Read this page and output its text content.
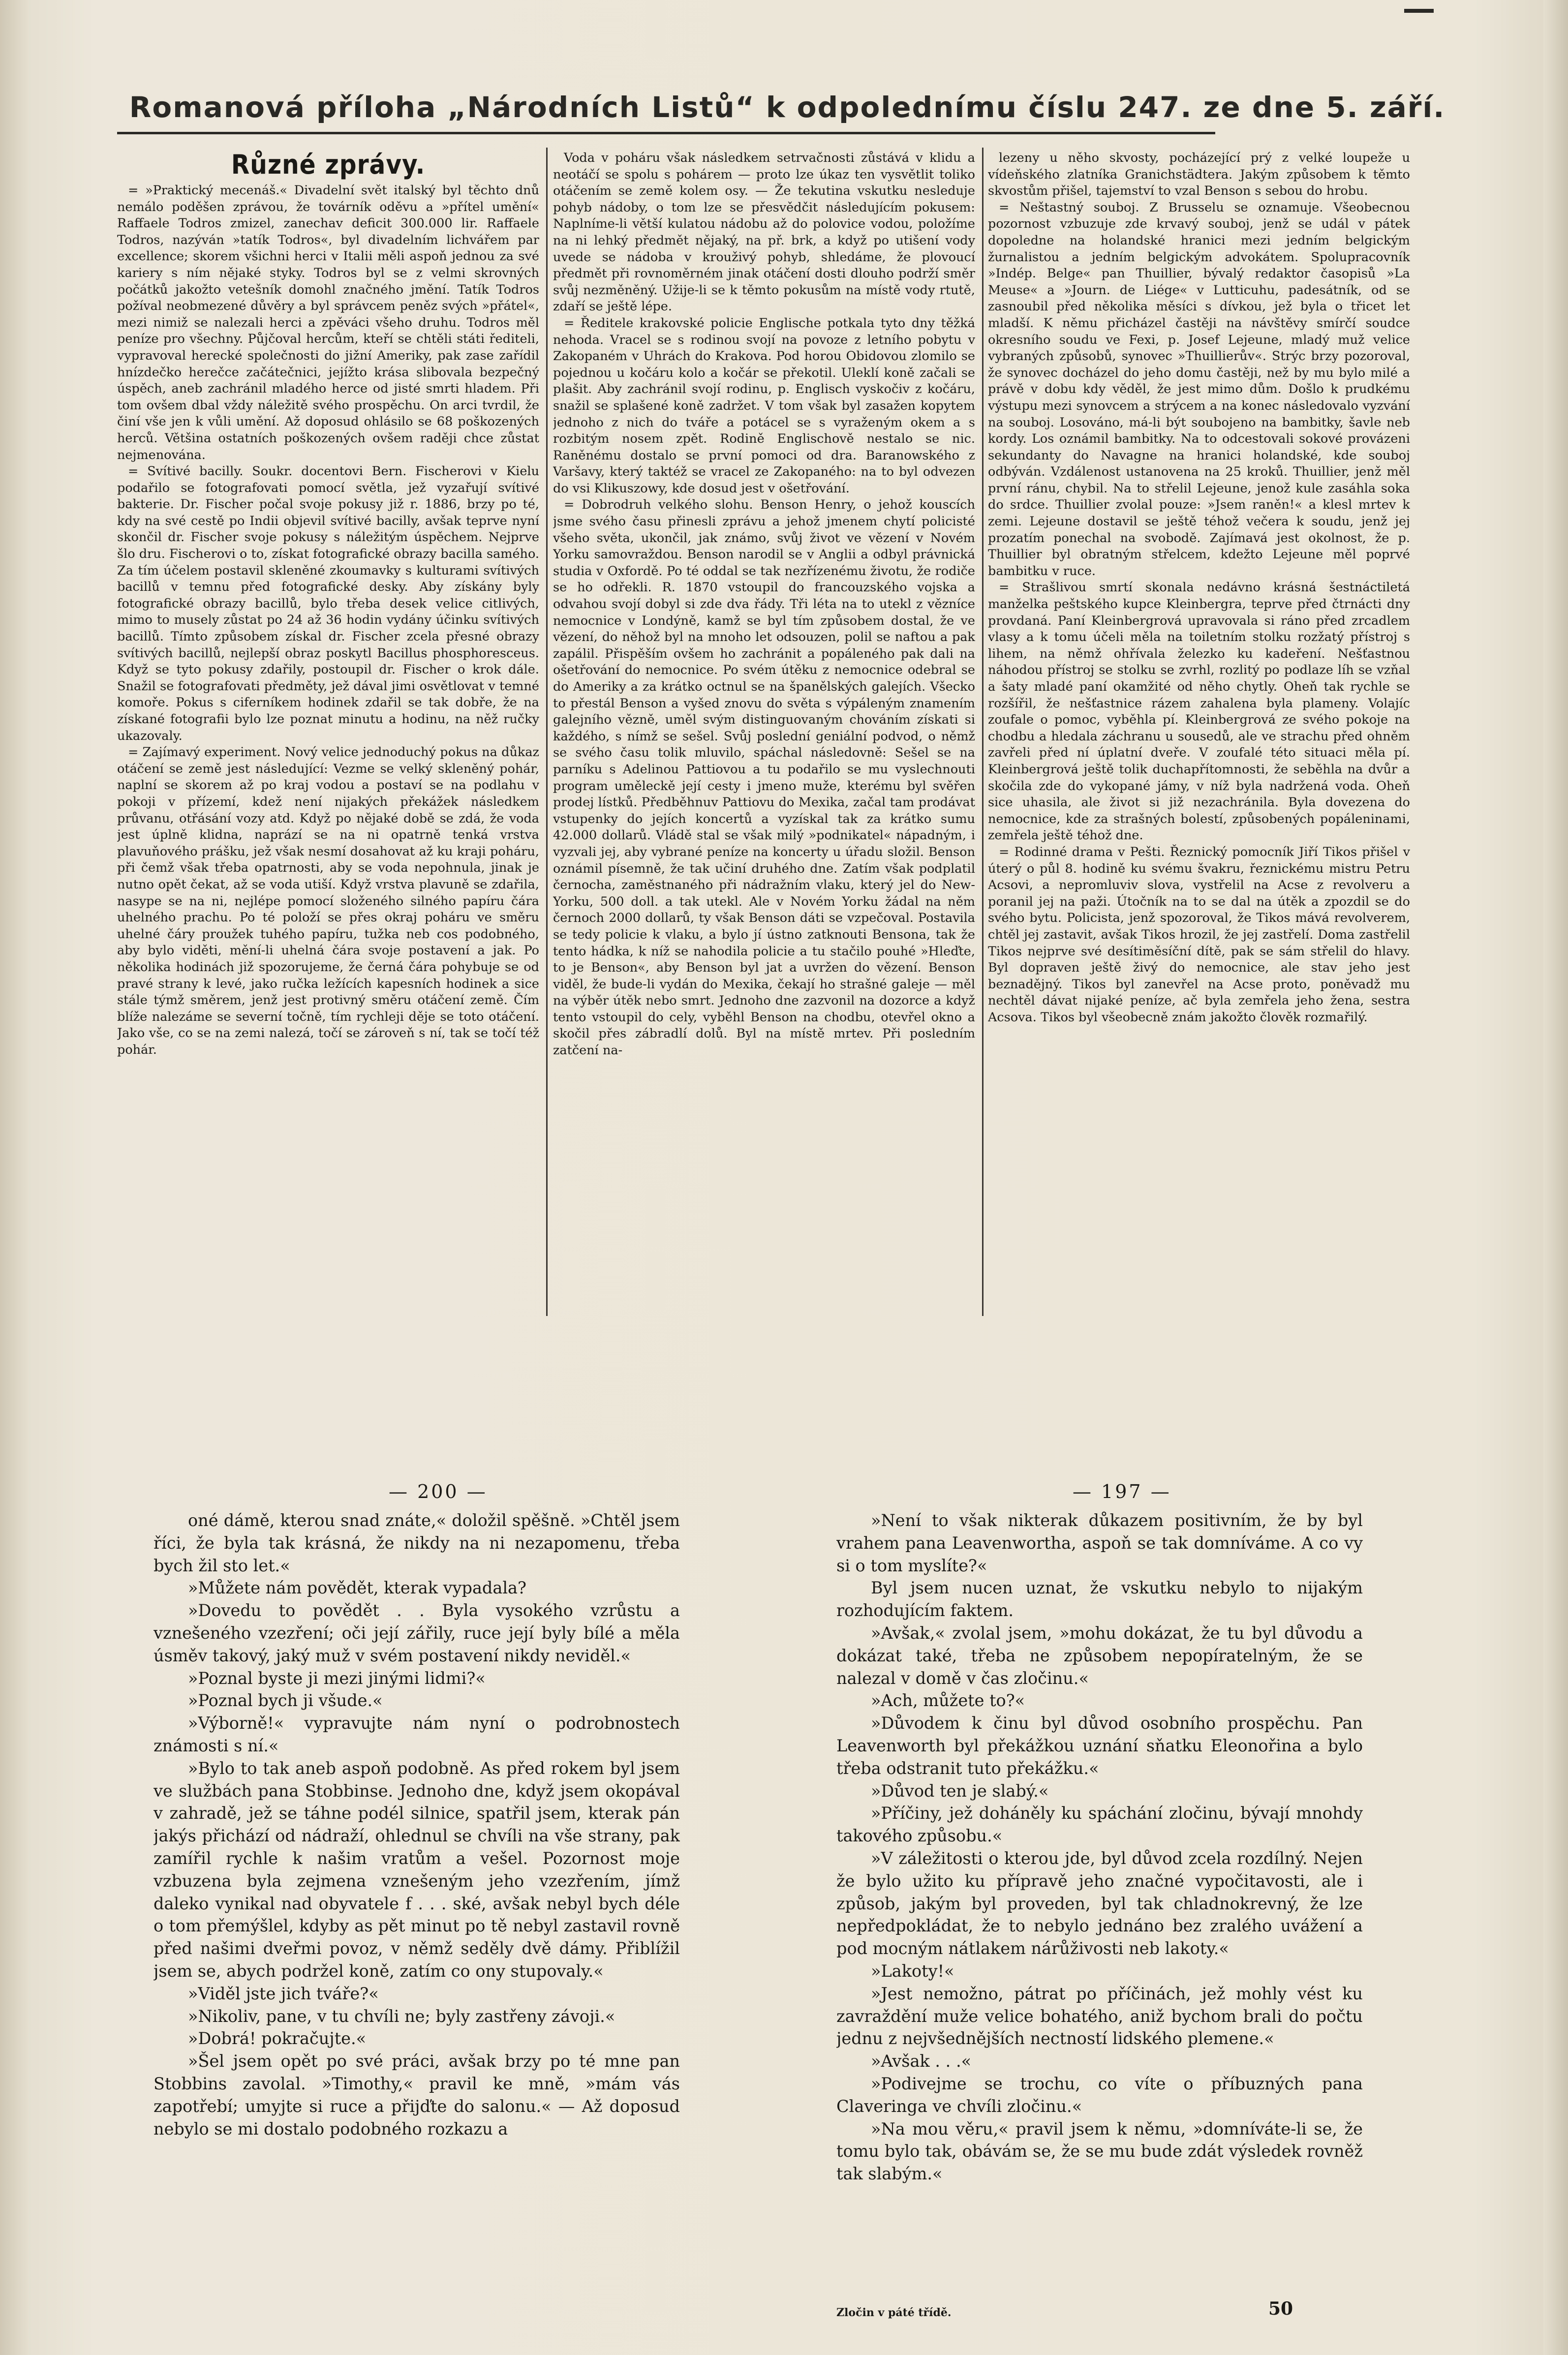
Romanová příloha „Národních Listů“ k odpolednímu číslu 247. ze dne 5. září.
Různé zprávy.

= »Praktický mecenáš.« Divadelní svět italský byl těchto dnů nemálo poděšen zprávou, že továrník oděvu a »přítel umění« Raffaele Todros zmizel, zanechav deficit 300.000 lir. Raffaele Todros, nazýván »tatík Todros«, byl divadelním lichvářem par excellence; skorem všichni herci v Italii měli aspoň jednou za své kariery s ním nějaké styky. Todros byl se z velmi skrovných počátků jakožto vetešník domohl značného jmění. Tatík Todros požíval neobmezené důvěry a byl správcem peněz svých »přátel«, mezi nimiž se nalezali herci a zpěváci všeho druhu. Todros měl peníze pro všechny. Půjčoval hercům, kteří se chtěli státi řediteli, vypravoval herecké společnosti do jižní Ameriky, pak zase zařídil hnízdečko herečce začátečnici, jejížto krása slibovala bezpečný úspěch, aneb zachránil mladého herce od jisté smrti hladem. Při tom ovšem dbal vždy náležitě svého prospěchu. On arci tvrdil, že činí vše jen k vůli umění. Až doposud ohlásilo se 68 poškozených herců. Většina ostatních poškozených ovšem raději chce zůstat nejmenována.

= Svítivé bacilly. Soukr. docentovi Bern. Fischerovi v Kielu podařilo se fotografovati pomocí světla, jež vyzařují svítivé bakterie. Dr. Fischer počal svoje pokusy již r. 1886, brzy po té, kdy na své cestě po Indii objevil svítivé bacilly, avšak teprve nyní skončil dr. Fischer svoje pokusy s náležitým úspěchem. Nejprve šlo dru. Fischerovi o to, získat fotografické obrazy bacilla samého. Za tím účelem postavil skleněné zkoumavky s kulturami svítivých bacillů v temnu před fotografické desky. Aby získány byly fotografické obrazy bacillů, bylo třeba desek velice citlivých, mimo to musely zůstat po 24 až 36 hodin vydány účinku svítivých bacillů. Tímto způsobem získal dr. Fischer zcela přesné obrazy svítivých bacillů, nejlepší obraz poskytl Bacillus phosphoresceus. Když se tyto pokusy zdařily, postoupil dr. Fischer o krok dále. Snažil se fotografovati předměty, jež dával jimi osvětlovat v temné komoře. Pokus s ciferníkem hodinek zdařil se tak dobře, že na získané fotografii bylo lze poznat minutu a hodinu, na něž ručky ukazovaly.

= Zajímavý experiment. Nový velice jednoduchý pokus na důkaz otáčení se země jest následující: Vezme se velký skleněný pohár, naplní se skorem až po kraj vodou a postaví se na podlahu v pokoji v přízemí, kdež není nijakých překážek následkem průvanu, otřásání vozy atd. Když po nějaké době se zdá, že voda jest úplně klidna, naprází se na ni opatrně tenká vrstva plavuňového prášku, jež však nesmí dosahovat až ku kraji poháru, při čemž však třeba opatrnosti, aby se voda nepohnula, jinak je nutno opět čekat, až se voda utiší. Když vrstva plavuně se zdařila, nasype se na ni, nejlépe pomocí složeného silného papíru čára uhelného prachu. Po té položí se přes okraj poháru ve směru uhelné čáry proužek tuhého papíru, tužka neb cos podobného, aby bylo viděti, mění-li uhelná čára svoje postavení a jak. Po několika hodinách již spozorujeme, že černá čára pohybuje se od pravé strany k levé, jako ručka ležících kapesních hodinek a sice stále týmž směrem, jenž jest protivný směru otáčení země. Čím blíže nalezáme se severní točně, tím rychleji děje se toto otáčení. Jako vše, co se na zemi nalezá, točí se zároveň s ní, tak se točí též pohár.

Voda v poháru však následkem setrvačnosti zůstává v klidu a neotáčí se spolu s pohárem — proto lze úkaz ten vysvětlit toliko otáčením se země kolem osy. — Že tekutina vskutku nesleduje pohyb nádoby, o tom lze se přesvědčit následujícím pokusem: Naplníme-li větší kulatou nádobu až do polovice vodou, položíme na ni lehký předmět nějaký, na př. brk, a když po utišení vody uvede se nádoba v krouživý pohyb, shledáme, že plovoucí předmět při rovnoměrném jinak otáčení dosti dlouho podrží směr svůj nezměněný. Užije-li se k těmto pokusům na místě vody rtutě, zdaří se ještě lépe.

= Ředitele krakovské policie Englische potkala tyto dny těžká nehoda. Vracel se s rodinou svojí na povoze z letního pobytu v Zakopaném v Uhrách do Krakova. Pod horou Obidovou zlomilo se pojednou u kočáru kolo a kočár se překotil. Uleklí koně začali se plašit. Aby zachránil svojí rodinu, p. Englisch vyskočiv z kočáru, snažil se splašené koně zadržet. V tom však byl zasažen kopytem jednoho z nich do tváře a potácel se s vyraženým okem a s rozbitým nosem zpět. Rodině Englischově nestalo se nic. Raněnému dostalo se první pomoci od dra. Baranowského z Varšavy, který taktéž se vracel ze Zakopaného: na to byl odvezen do vsi Klikuszowy, kde dosud jest v ošetřování.

= Dobrodruh velkého slohu. Benson Henry, o jehož kouscích jsme svého času přinesli zprávu a jehož jmenem chytí policisté všeho světa, ukončil, jak známo, svůj život ve vězení v Novém Yorku samovraždou. Benson narodil se v Anglii a odbyl právnická studia v Oxfordě. Po té oddal se tak nezřízenému životu, že rodiče se ho odřekli. R. 1870 vstoupil do francouzského vojska a odvahou svojí dobyl si zde dva řády. Tři léta na to utekl z vězníce nemocnice v Londýně, kamž se byl tím způsobem dostal, že ve vězení, do něhož byl na mnoho let odsouzen, polil se naftou a pak zapálil. Přispěším ovšem ho zachránit a popáleného pak dali na ošetřování do nemocnice. Po svém útěku z nemocnice odebral se do Ameriky a za krátko octnul se na španělských galejích. Všecko to přestál Benson a vyšed znovu do světa s výpáleným znamením galejního vězně, uměl svým distinguovaným chováním získati si každého, s nímž se sešel. Svůj poslední geniální podvod, o němž se svého času tolik mluvilo, spáchal následovně: Sešel se na parníku s Adelinou Pattiovou a tu podařilo se mu vyslechnouti program uměleckě její cesty i jmeno muže, kterému byl svěřen prodej lístků. Předběhnuv Pattiovu do Mexika, začal tam prodávat vstupenky do jejích koncertů a vyzískal tak za krátko sumu 42.000 dollarů. Vládě stal se však milý »podnikatel« nápadným, i vyzvali jej, aby vybrané peníze na koncerty u úřadu složil. Benson oznámil písemně, že tak učiní druhého dne. Zatím však podplatil černocha, zaměstnaného při nádražním vlaku, který jel do New-Yorku, 500 doll. a tak utekl. Ale v Novém Yorku žádal na něm černoch 2000 dollarů, ty však Benson dáti se vzpečoval. Postavila se tedy policie k vlaku, a bylo jí ústno zatknouti Bensona, tak že tento hádka, k níž se nahodila policie a tu stačilo pouhé »Hleďte, to je Benson«, aby Benson byl jat a uvržen do vězení. Benson viděl, že bude-li vydán do Mexika, čekají ho strašné galeje — měl na výběr útěk nebo smrt. Jednoho dne zazvonil na dozorce a když tento vstoupil do cely, vyběhl Benson na chodbu, otevřel okno a skočil přes zábradlí dolů. Byl na místě mrtev. Při posledním zatčení na-

lezeny u něho skvosty, pocházející prý z velké loupeže u vídeňského zlatníka Granichstädtera. Jakým způsobem k těmto skvostům přišel, tajemství to vzal Benson s sebou do hrobu.

= Neštastný souboj. Z Brusselu se oznamuje. Všeobecnou pozornost vzbuzuje zde krvavý souboj, jenž se udál v pátek dopoledne na holandské hranici mezi jedním belgickým žurnalistou a jedním belgickým advokátem. Spolupracovník »Indép. Belge« pan Thuillier, bývalý redaktor časopisů »La Meuse« a »Journ. de Liége« v Lutticuhu, padesátník, od se zasnoubil před několika měsíci s dívkou, jež byla o třicet let mladší. K němu přicházel častěji na návštěvy smírčí soudce okresního soudu ve Fexi, p. Josef Lejeune, mladý muž velice vybraných způsobů, synovec »Thuillierův«. Strýc brzy pozoroval, že synovec docházel do jeho domu častěji, než by mu bylo milé a právě v dobu kdy věděl, že jest mimo dům. Došlo k prudkému výstupu mezi synovcem a strýcem a na konec následovalo vyzvání na souboj. Losováno, má-li být soubojeno na bambitky, šavle neb kordy. Los oznámil bambitky. Na to odcestovali sokové provázeni sekundanty do Navagne na hranici holandské, kde souboj odbýván. Vzdálenost ustanovena na 25 kroků. Thuillier, jenž měl první ránu, chybil. Na to střelil Lejeune, jenož kule zasáhla soka do srdce. Thuillier zvolal pouze: »Jsem raněn!« a klesl mrtev k zemi. Lejeune dostavil se ještě téhož večera k soudu, jenž jej prozatím ponechal na svobodě. Zajímavá jest okolnost, že p. Thuillier byl obratným střelcem, kdežto Lejeune měl poprvé bambitku v ruce.

= Strašlivou smrtí skonala nedávno krásná šestnáctiletá manželka peštského kupce Kleinbergra, teprve před čtrnácti dny provdaná. Paní Kleinbergrová upravovala si ráno před zrcadlem vlasy a k tomu účeli měla na toiletním stolku rozžatý přístroj s lihem, na němž ohřívala železko ku kadeření. Nešťastnou náhodou přístroj se stolku se zvrhl, rozlitý po podlaze líh se vzňal a šaty mladé paní okamžité od něho chytly. Oheň tak rychle se rozšířil, že nešťastnice rázem zahalena byla plameny. Volajíc zoufale o pomoc, vyběhla pí. Kleinbergrová ze svého pokoje na chodbu a hledala záchranu u sousedů, ale ve strachu před ohněm zavřeli před ní úplatní dveře. V zoufalé této situaci měla pí. Kleinbergrová ještě tolik duchapřítomnosti, že seběhla na dvůr a skočila zde do vykopané jámy, v níž byla nadržená voda. Oheň sice uhasila, ale život si již nezachránila. Byla dovezena do nemocnice, kde za strašných bolestí, způsobených popáleninami, zemřela ještě téhož dne.

= Rodinné drama v Pešti. Řeznický pomocník Jiří Tikos přišel v úterý o půl 8. hodině ku svému švakru, řeznickému mistru Petru Acsovi, a nepromluviv slova, vystřelil na Acse z revolveru a poranil jej na paži. Útočník na to se dal na útěk a zpozdil se do svého bytu. Policista, jenž spozoroval, že Tikos mává revolverem, chtěl jej zastavit, avšak Tikos hrozil, že jej zastřelí. Doma zastřelil Tikos nejprve své desítiměsíční dítě, pak se sám střelil do hlavy. Byl dopraven ještě živý do nemocnice, ale stav jeho jest beznadějný. Tikos byl zanevřel na Acse proto, poněvadž mu nechtěl dávat nijaké peníze, ač byla zemřela jeho žena, sestra Acsova. Tikos byl všeobecně znám jakožto člověk rozmařilý.

— 200 —	— 197 —

oné dámě, kterou snad znáte,« doložil spěšně. »Chtěl jsem říci, že byla tak krásná, že nikdy na ni nezapomenu, třeba bych žil sto let.«

»Můžete nám povědět, kterak vypadala?

»Dovedu to povědět . . Byla vysokého vzrůstu a vznešeného vzezření; oči její zářily, ruce její byly bílé a měla úsměv takový, jaký muž v svém postavení nikdy neviděl.«

»Poznal byste ji mezi jinými lidmi?«

»Poznal bych ji všude.«

»Výborně!« vypravujte nám nyní o podrobnostech známosti s ní.«

»Bylo to tak aneb aspoň podobně. As před rokem byl jsem ve službách pana Stobbinse. Jednoho dne, když jsem okopával v zahradě, jež se táhne podél silnice, spatřil jsem, kterak pán jakýs přichází od nádraží, ohlednul se chvíli na vše strany, pak zamířil rychle k našim vratům a vešel. Pozornost moje vzbuzena byla zejmena vznešeným jeho vzezřením, jímž daleko vynikal nad obyvatele f . . . ské, avšak nebyl bych déle o tom přemýšlel, kdyby as pět minut po tě nebyl zastavil rovně před našimi dveřmi povoz, v němž seděly dvě dámy. Přiblížil jsem se, abych podržel koně, zatím co ony stupovaly.«

»Viděl jste jich tváře?«

»Nikoliv, pane, v tu chvíli ne; byly zastřeny závoji.«

»Dobrá! pokračujte.«

»Šel jsem opět po své práci, avšak brzy po té mne pan Stobbins zavolal. »Timothy,« pravil ke mně, »mám vás zapotřebí; umyjte si ruce a přijďte do salonu.« — Až doposud nebylo se mi dostalo podobného rozkazu a

»Není to však nikterak důkazem positivním, že by byl vrahem pana Leavenwortha, aspoň se tak domníváme. A co vy si o tom myslíte?«

Byl jsem nucen uznat, že vskutku nebylo to nijakým rozhodujícím faktem.

»Avšak,« zvolal jsem, »mohu dokázat, že tu byl důvodu a dokázat také, třeba ne způsobem nepopíratelným, že se nalezal v domě v čas zločinu.«

»Ach, můžete to?«

»Důvodem k činu byl důvod osobního prospěchu. Pan Leavenworth byl překážkou uznání sňatku Eleonořina a bylo třeba odstranit tuto překážku.«

»Důvod ten je slabý.«

»Příčiny, jež doháněly ku spáchání zločinu, bývají mnohdy takového způsobu.«

»V záležitosti o kterou jde, byl důvod zcela rozdílný. Nejen že bylo užito ku přípravě jeho značné vypočitavosti, ale i způsob, jakým byl proveden, byl tak chladnokrevný, že lze nepředpokládat, že to nebylo jednáno bez zralého uvážení a pod mocným nátlakem nárůživosti neb lakoty.«

»Lakoty!«

»Jest nemožno, pátrat po příčinách, jež mohly vést ku zavraždění muže velice bohatého, aniž bychom brali do počtu jednu z nejvšednějších nectností lidského plemene.«

»Avšak . . .«

»Podivejme se trochu, co víte o příbuzných pana Claveringa ve chvíli zločinu.«

»Na mou věru,« pravil jsem k němu, »domníváte-li se, že tomu bylo tak, obávám se, že se mu bude zdát výsledek rovněž tak slabým.«

Zločin v páté třídě.	50
